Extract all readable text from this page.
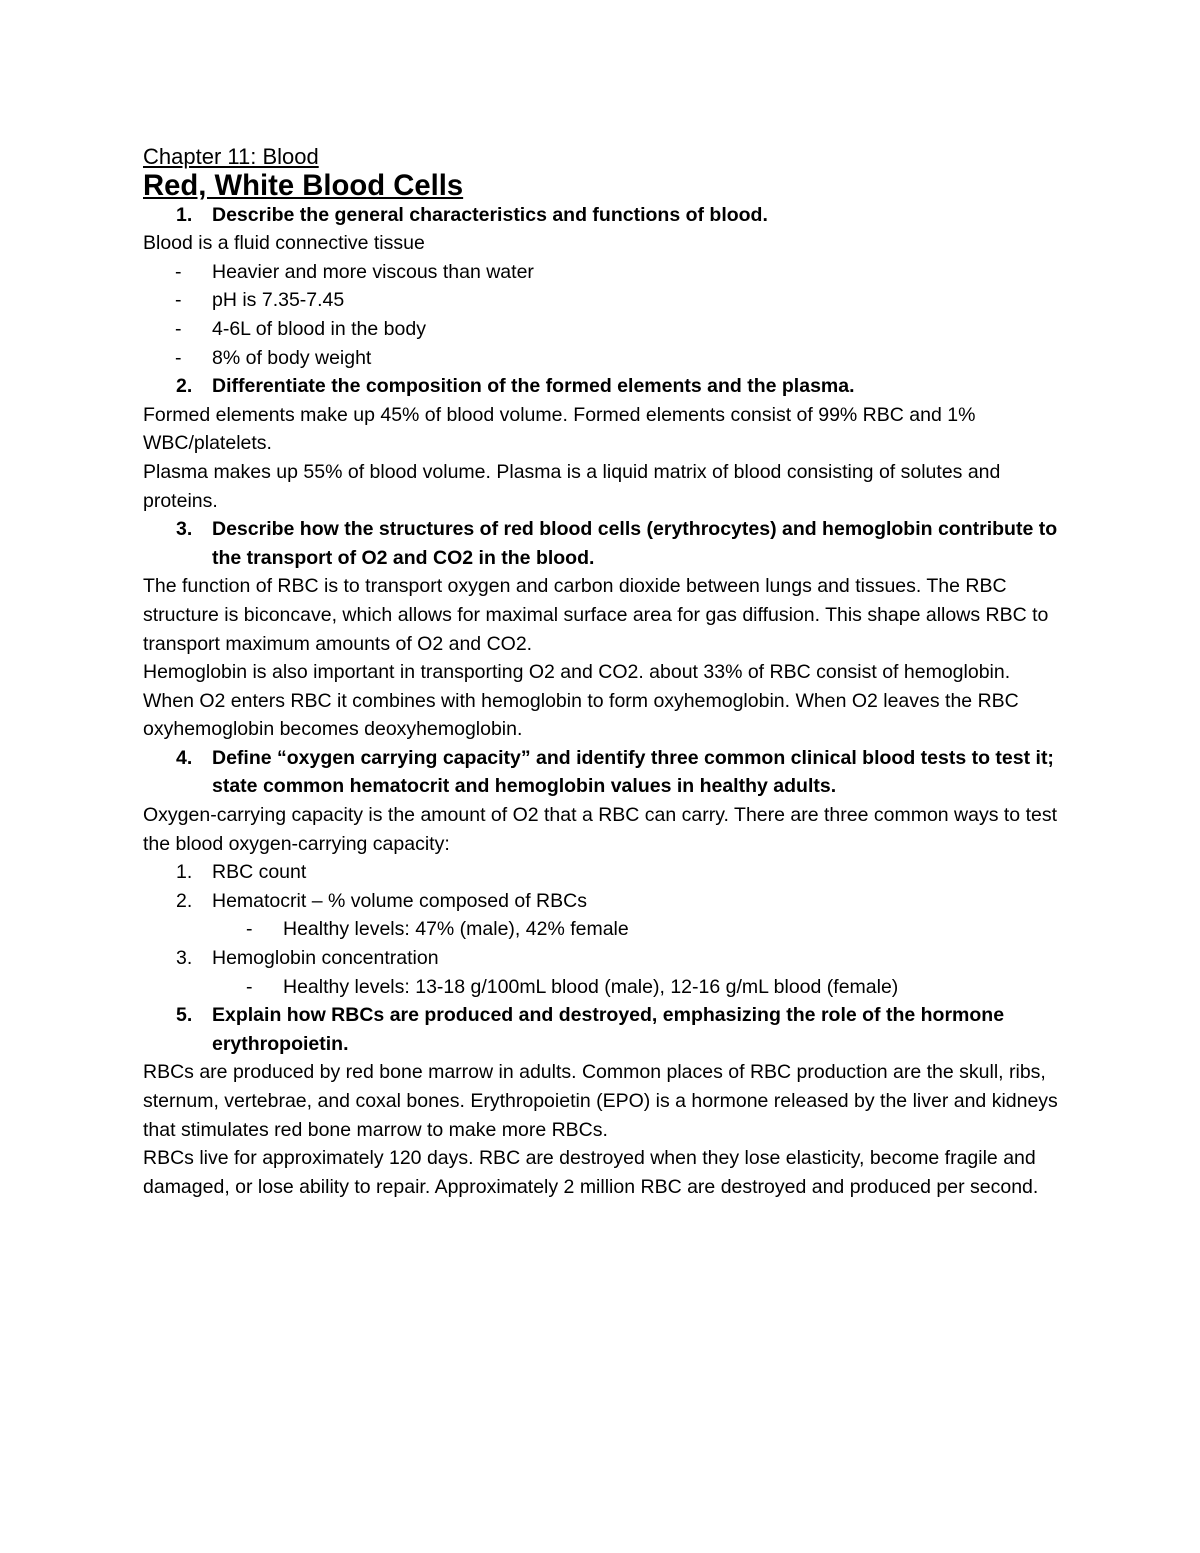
Chapter 11: Blood
Red, White Blood Cells
1. Describe the general characteristics and functions of blood.

Blood is a fluid connective tissue

- Heavier and more viscous than water
- pH is 7.35-7.45
- 4-6L of blood in the body
- 8% of body weight
2. Differentiate the composition of the formed elements and the plasma.

Formed elements make up 45% of blood volume. Formed elements consist of 99% RBC and 1% WBC/platelets.

Plasma makes up 55% of blood volume. Plasma is a liquid matrix of blood consisting of solutes and proteins.

3. Describe how the structures of red blood cells (erythrocytes) and hemoglobin contribute to the transport of O2 and CO2 in the blood.

The function of RBC is to transport oxygen and carbon dioxide between lungs and tissues. The RBC structure is biconcave, which allows for maximal surface area for gas diffusion. This shape allows RBC to transport maximum amounts of O2 and CO2.

Hemoglobin is also important in transporting O2 and CO2. about 33% of RBC consist of hemoglobin. When O2 enters RBC it combines with hemoglobin to form oxyhemoglobin. When O2 leaves the RBC oxyhemoglobin becomes deoxyhemoglobin.

4. Define “oxygen carrying capacity” and identify three common clinical blood tests to test it; state common hematocrit and hemoglobin values in healthy adults.

Oxygen-carrying capacity is the amount of O2 that a RBC can carry. There are three common ways to test the blood oxygen-carrying capacity:

1. RBC count
2. Hematocrit – % volume composed of RBCs
- Healthy levels: 47% (male), 42% female
3. Hemoglobin concentration
- Healthy levels: 13-18 g/100mL blood (male), 12-16 g/mL blood (female)
5. Explain how RBCs are produced and destroyed, emphasizing the role of the hormone erythropoietin.

RBCs are produced by red bone marrow in adults. Common places of RBC production are the skull, ribs, sternum, vertebrae, and coxal bones. Erythropoietin (EPO) is a hormone released by the liver and kidneys that stimulates red bone marrow to make more RBCs.

RBCs live for approximately 120 days. RBC are destroyed when they lose elasticity, become fragile and damaged, or lose ability to repair. Approximately 2 million RBC are destroyed and produced per second.
